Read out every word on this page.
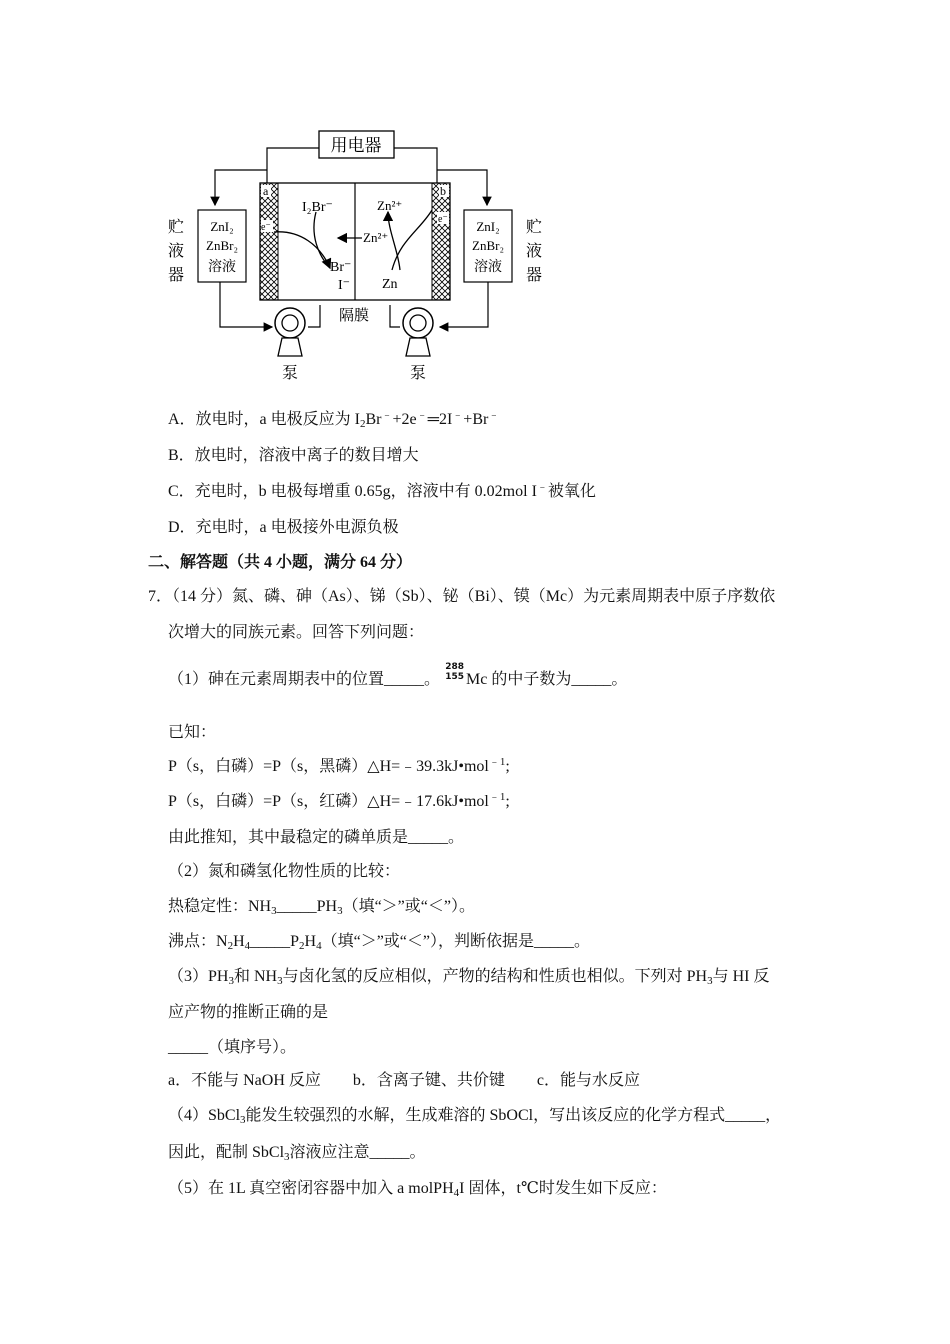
用电器
a	b
e⁻
e⁻
I₂Br⁻
Br⁻
I⁻
Zn²⁺
Zn²⁺
Zn
ZnI₂
ZnBr₂
溶液
ZnI₂
ZnBr₂
溶液
贮
液
器
贮
液
器
隔膜
泵	泵
A．放电时，a 电极反应为 $I_2Br^﹣+2e^﹣═2I^﹣+Br^﹣$
B．放电时，溶液中离子的数目增大
C．充电时，b 电极每增重 0.65g，溶液中有 0.02mol I﹣被氧化
D．充电时，a 电极接外电源负极
二、解答题（共 4 小题，满分 64 分）
7．（14 分）氮、磷、砷（As）、锑（Sb）、铋（Bi）、镆（Mc）为元素周期表中原子序数依
次增大的同族元素。回答下列问题：
（1）砷在元素周期表中的位置_____。
288
155 Mc 的中子数为_____。
已知：
P（s，白磷）=P（s，黑磷）△H=﹣39.3kJ•mol$^{﹣1}$;
P（s，白磷）=P（s，红磷）△H=﹣17.6kJ•mol$^{﹣1}$;
由此推知，其中最稳定的磷单质是_____。
（2）氮和磷氢化物性质的比较：
热稳定性：$NH_3\_\_\_\_\_PH_3$（填“＞”或“＜”）。
沸点：$N_2H_4\_\_\_\_\_P_2H_4$（填“＞”或“＜”），判断依据是_____。
$(3)PH_3$和 $NH_3$与卤化氢的反应相似，产物的结构和性质也相似。下列对 $PH_3$与 HI 反
应产物的推断正确的是
_____（填序号）。
a．不能与 NaOH 反应　　b．含离子键、共价键　　c．能与水反应
（4）SbCl$_3$能发生较强烈的水解，生成难溶的 SbOCl，写出该反应的化学方程式_____，
因此，配制 SbCl$_3$溶液应注意_____。
（5）在 1L 真空密闭容器中加入 a molPH$_4$I 固体，t℃时发生如下反应：
